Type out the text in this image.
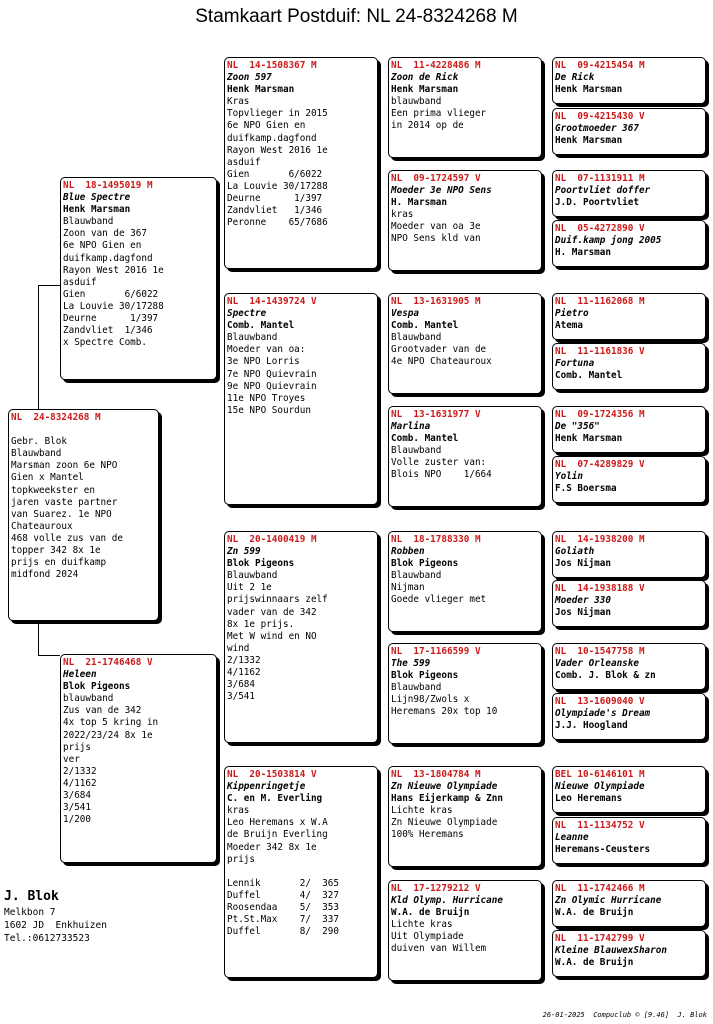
Stamkaart Postduif: NL 24-8324268 M
NL  24-8324268 M
Gebr. Blok
Blauwband
Marsman zoon 6e NPO
Gien x Mantel
topkweekster en
jaren vaste partner
van Suarez. 1e NPO
Chateauroux
468 volle zus van de
topper 342 8x 1e
prijs en duifkamp
midfond 2024
NL  18-1495019 M
Blue Spectre
Henk Marsman
Blauwband
Zoon van de 367
6e NPO Gien en
duifkamp.dagfond
Rayon West 2016 1e
asduif
Gien       6/6022
La Louvie 30/17288
Deurne      1/397
Zandvliet  1/346
x Spectre Comb.
NL  21-1746468 V
Heleen
Blok Pigeons
blauwband
Zus van de 342
4x top 5 kring in
2022/23/24 8x 1e
prijs
ver
2/1332
4/1162
3/684
3/541
1/200
NL  14-1508367 M
Zoon 597
Henk Marsman
Kras
Topvlieger in 2015
6e NPO Gien en
duifkamp.dagfond
Rayon West 2016 1e
asduif
Gien       6/6022
La Louvie 30/17288
Deurne      1/397
Zandvliet   1/346
Peronne    65/7686
NL  14-1439724 V
Spectre
Comb. Mantel
Blauwband
Moeder van oa:
3e NPO Lorris
7e NPO Quievrain
9e NPO Quievrain
11e NPO Troyes
15e NPO Sourdun
NL  20-1400419 M
Zn 599
Blok Pigeons
Blauwband
Uit 2 1e
prijswinnaars zelf
vader van de 342
8x 1e prijs.
Met W wind en NO
wind
2/1332
4/1162
3/684
3/541
NL  20-1503814 V
Kippenringetje
C. en M. Everling
kras
Leo Heremans x W.A
de Bruijn Everling
Moeder 342 8x 1e
prijs
Lennik       2/  365
Duffel       4/  327
Roosendaa    5/  353
Pt.St.Max    7/  337
Duffel       8/  290
NL  11-4228486 M
Zoon de Rick
Henk Marsman
blauwband
Een prima vlieger
in 2014 op de
NL  09-1724597 V
Moeder 3e NPO Sens
H. Marsman
kras
Moeder van oa 3e
NPO Sens kld van
NL  13-1631905 M
Vespa
Comb. Mantel
Blauwband
Grootvader van de
4e NPO Chateauroux
NL  13-1631977 V
Marlina
Comb. Mantel
Blauwband
Volle zuster van:
Blois NPO    1/664
NL  18-1788330 M
Robben
Blok Pigeons
Blauwband
Nijman
Goede vlieger met
NL  17-1166599 V
The 599
Blok Pigeons
Blauwband
Lijn98/Zwols x
Heremans 20x top 10
NL  13-1804784 M
Zn Nieuwe Olympiade
Hans Eijerkamp & Znn
Lichte kras
Zn Nieuwe Olympiade
100% Heremans
NL  17-1279212 V
Kld Olymp. Hurricane
W.A. de Bruijn
Lichte kras
Uit Olympiade
duiven van Willem
NL  09-4215454 M
De Rick
Henk Marsman
NL  09-4215430 V
Grootmoeder 367
Henk Marsman
NL  07-1131911 M
Poortvliet doffer
J.D. Poortvliet
NL  05-4272890 V
Duif.kamp jong 2005
H. Marsman
NL  11-1162068 M
Pietro
Atema
NL  11-1161836 V
Fortuna
Comb. Mantel
NL  09-1724356 M
De "356"
Henk Marsman
NL  07-4289829 V
Yolin
F.S Boersma
NL  14-1938200 M
Goliath
Jos Nijman
NL  14-1938188 V
Moeder 330
Jos Nijman
NL  10-1547758 M
Vader Orleanske
Comb. J. Blok & zn
NL  13-1609040 V
Olympiade's Dream
J.J. Hoogland
BEL 10-6146101 M
Nieuwe Olympiade
Leo Heremans
NL  11-1134752 V
Leanne
Heremans-Ceusters
NL  11-1742466 M
Zn Olymic Hurricane
W.A. de Bruijn
NL  11-1742799 V
Kleine BlauwexSharon
W.A. de Bruijn
J. Blok
Melkbon 7
1602 JD  Enkhuizen
Tel.:0612733523
26-01-2025  Compuclub © [9.46]  J. Blok
